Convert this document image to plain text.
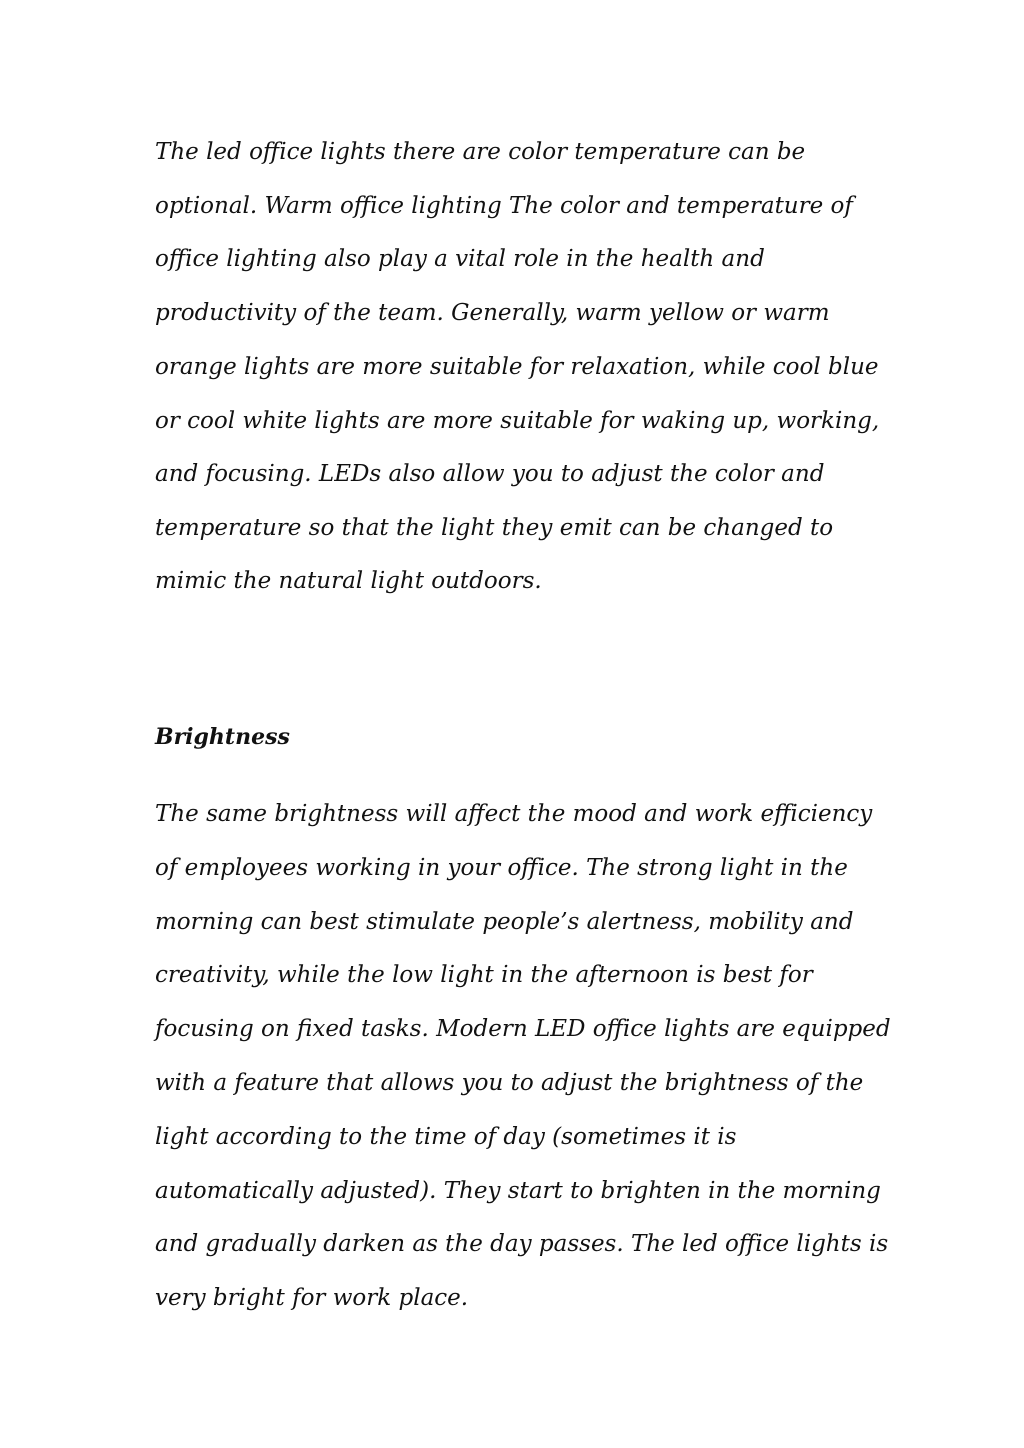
The led office lights there are color temperature can be

optional. Warm office lighting The color and temperature of

office lighting also play a vital role in the health and

productivity of the team. Generally, warm yellow or warm

orange lights are more suitable for relaxation, while cool blue

or cool white lights are more suitable for waking up, working,

and focusing. LEDs also allow you to adjust the color and

temperature so that the light they emit can be changed to

mimic the natural light outdoors.

Brightness

The same brightness will affect the mood and work efficiency

of employees working in your office. The strong light in the

morning can best stimulate people’s alertness, mobility and

creativity, while the low light in the afternoon is best for

focusing on fixed tasks. Modern LED office lights are equipped

with a feature that allows you to adjust the brightness of the

light according to the time of day (sometimes it is

automatically adjusted). They start to brighten in the morning

and gradually darken as the day passes. The led office lights is

very bright for work place.
